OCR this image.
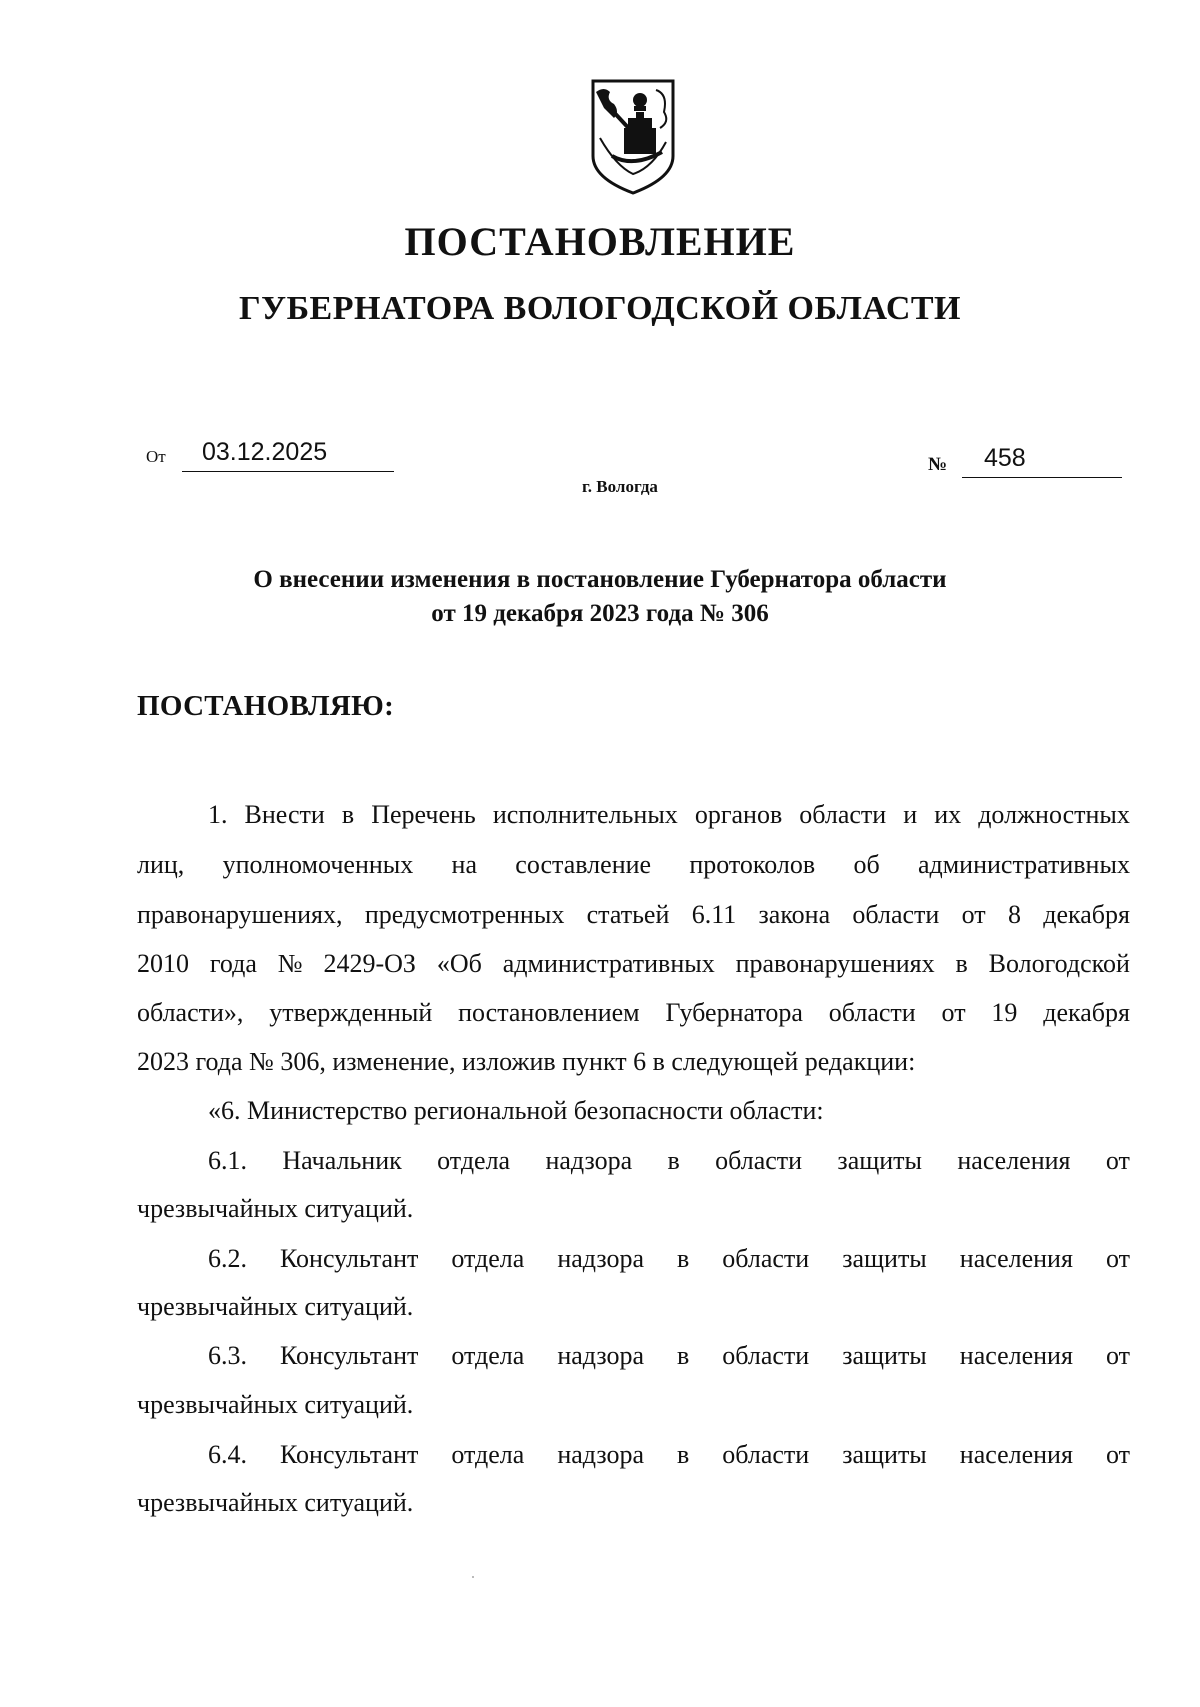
ПОСТАНОВЛЕНИЕ
ГУБЕРНАТОРА ВОЛОГОДСКОЙ ОБЛАСТИ
От	03.12.2025	№	458
г. Вологда
О внесении изменения в постановление Губернатора области
от 19 декабря 2023 года № 306
ПОСТАНОВЛЯЮ:
1. Внести в Перечень исполнительных органов области и их должностных
лиц, уполномоченных на составление протоколов об административных
правонарушениях, предусмотренных статьей 6.11 закона области от 8 декабря
2010 года № 2429-ОЗ «Об административных правонарушениях в Вологодской
области», утвержденный постановлением Губернатора области от 19 декабря
2023 года № 306, изменение, изложив пункт 6 в следующей редакции:
«6. Министерство региональной безопасности области:
6.1. Начальник отдела надзора в области защиты населения от
чрезвычайных ситуаций.
6.2. Консультант отдела надзора в области защиты населения от
чрезвычайных ситуаций.
6.3. Консультант отдела надзора в области защиты населения от
чрезвычайных ситуаций.
6.4. Консультант отдела надзора в области защиты населения от
чрезвычайных ситуаций.
